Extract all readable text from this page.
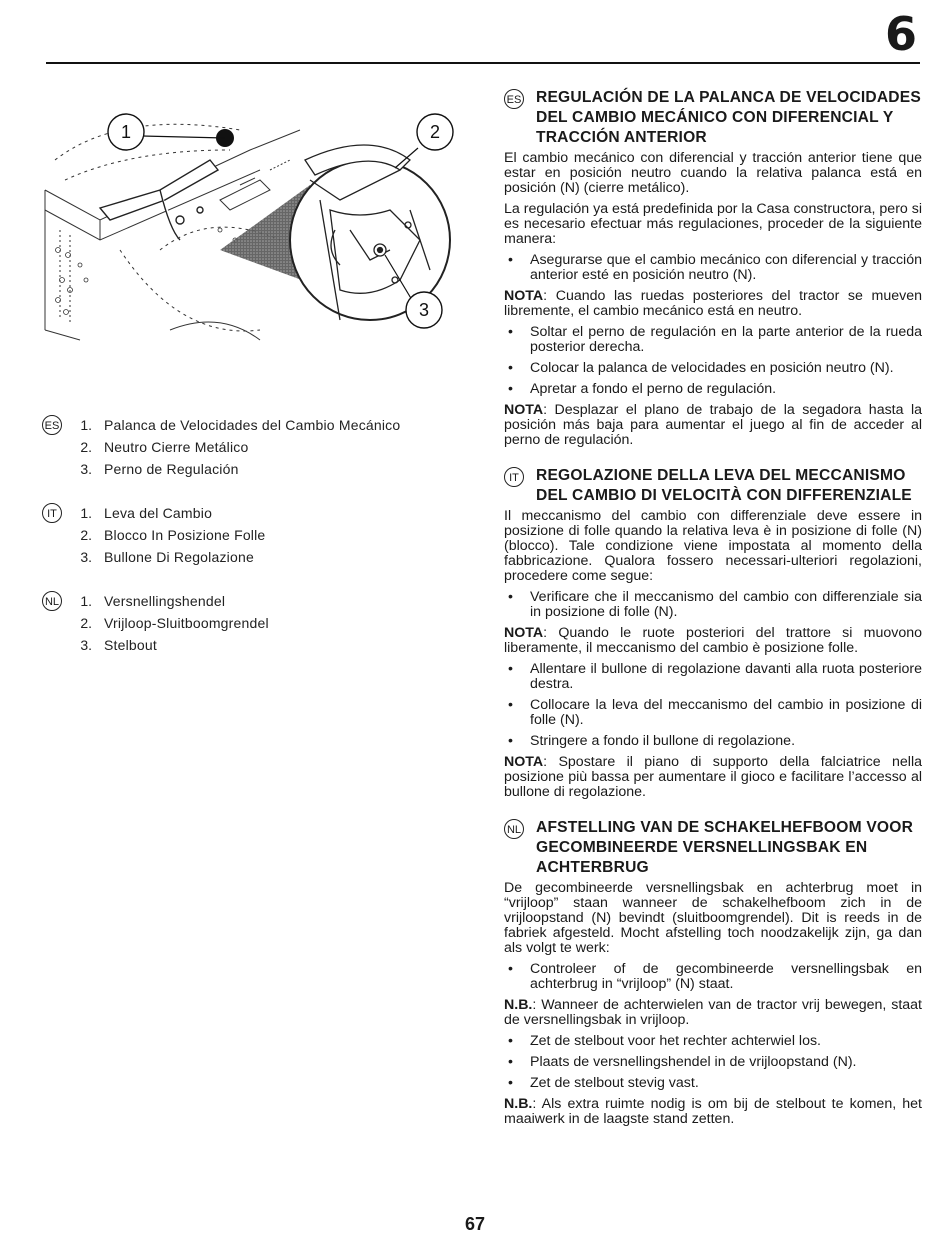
6
1	2
3
ES	1. Palanca de Velocidades del Cambio Mecánico
2. Neutro Cierre Metálico
3. Perno de Regulación
IT	1. Leva del Cambio
2. Blocco In Posizione Folle
3. Bullone Di Regolazione
NL	1. Versnellingshendel
2. Vrijloop-Sluitboomgrendel
3. Stelbout
ES REGULACIÓN DE LA PALANCA DE VELOCIDADES DEL CAMBIO MECÁNICO CON DIFERENCIAL Y TRACCIÓN ANTERIOR
El cambio mecánico con diferencial y tracción anterior tiene que estar en posición neutro cuando la relativa palanca está en posición (N) (cierre metálico).
La regulación ya está predefinida por la Casa constructora, pero si es necesario efectuar más regulaciones, proceder de la siguiente manera:
•	Asegurarse que el cambio mecánico con diferencial y tracción anterior esté en posición neutro (N).
NOTA: Cuando las ruedas posteriores del tractor se mueven libremente, el cambio mecánico está en neutro.
•	Soltar el perno de regulación en la parte anterior de la rueda posterior derecha.
•	Colocar la palanca de velocidades en posición neutro (N).
•	Apretar a fondo el perno de regulación.
NOTA: Desplazar el plano de trabajo de la segadora hasta la posición más baja para aumentar el juego al fin de acceder al perno de regulación.
IT	REGOLAZIONE DELLA LEVA DEL MECCANISMO DEL CAMBIO DI VELOCITÀ CON DIFFERENZIALE
Il meccanismo del cambio con differenziale deve essere in posizione di folle quando la relativa leva è in posizione di folle (N) (blocco). Tale condizione viene impostata al momento della fabbricazione. Qualora fossero necessari-ulteriori regolazioni, procedere come segue:
•	Verificare che il meccanismo del cambio con differenziale sia in posizione di folle (N).
NOTA: Quando le ruote posteriori del trattore si muovono liberamente, il meccanismo del cambio è posizione folle.
•	Allentare il bullone di regolazione davanti alla ruota posteriore destra.
•	Collocare la leva del meccanismo del cambio in posizione di folle (N).
•	Stringere a fondo il bullone di regolazione.
NOTA: Spostare il piano di supporto della falciatrice nella posizione più bassa per aumentare il gioco e facilitare l’accesso al bullone di regolazione.
NL AFSTELLING VAN DE SCHAKELHEFBOOM VOOR GECOMBINEERDE VERSNELLINGSBAK EN ACHTERBRUG
De gecombineerde versnellingsbak en achterbrug moet in “vrijloop” staan wanneer de schakelhefboom zich in de vrijloopstand (N) bevindt (sluitboomgrendel). Dit is reeds in de fabriek afgesteld. Mocht afstelling toch noodzakelijk zijn, ga dan als volgt te werk:
•	Controleer of de gecombineerde versnellingsbak en achterbrug in “vrijloop” (N) staat.
N.B.: Wanneer de achterwielen van de tractor vrij bewegen, staat de versnellingsbak in vrijloop.
•	Zet de stelbout voor het rechter achterwiel los.
•	Plaats de versnellingshendel in de vrijloopstand (N).
•	Zet de stelbout stevig vast.
N.B.: Als extra ruimte nodig is om bij de stelbout te komen, het maaiwerk in de laagste stand zetten.
67
